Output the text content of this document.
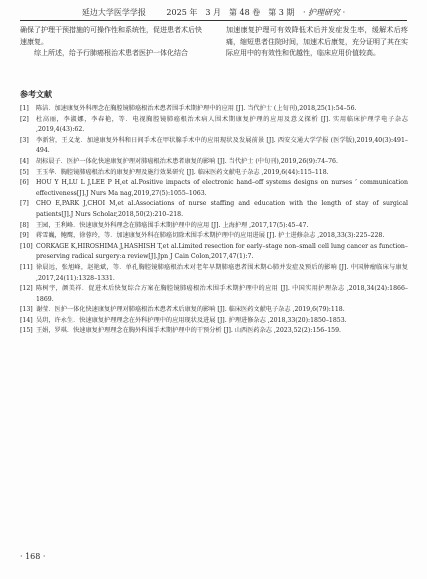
延边大学医学学报	2025 年　3 月　第 48 卷　第 3 期 · 护理研究 ·

确保了护理干预措施的可操作性和系统性，促进患者术后快速康复。

综上所述，给予行肺癌根治术患者医护一体化结合

加速康复护理可有效降低术后并发症发生率，缓解术后疼痛，缩短患者住院时间，加速术后康复，充分证明了其在实际应用中的有效性和优越性，临床应用价值较高。

参考文献
[1] 陈洁．加速康复外科理念在胸腔镜肺癌根治术患者围手术期护理中的应用 [J]. 当代护士 (上旬刊),2018,25(1):54–56.
[2] 杜高丽，李淑娜，李春艳，等．电视胸腔镜肺癌根治术病人围术期康复护理的应用及意义探析 [J]. 实用临床护理学电子杂志 ,2019,4(43):62.
[3] 李新营，王义龙．加速康复外科和日间手术在甲状腺手术中的应用现状及发展前景 [J]. 西安交通大学学报 (医学版),2019,40(3):491–494.
[4] 胡标晨子．医护一体化快速康复护理对肺癌根治术患者康复的影响 [J]. 当代护士 (中旬刊),2019,26(9):74–76.
[5] 王玉华．胸腔镜肺癌根治术的康复护理及施行效果研究 [J]. 临床医药文献电子杂志 ,2019,6(44):115–118.
[6] HOU Y H,LU L J,LEE P H,et al.Positive impacts of electronic hand–off systems designs on nurses ’ communication effectiveness[J].J Nurs Ma nag,2019,27(5):1055–1063.
[7] CHO E,PARK J,CHOI M,et al.Associations of nurse staffing and education with the length of stay of surgical patients[J].J Nurs Scholar,2018,50(2):210–218.
[8] 王园，王利峰．快速康复外科理念在肺癌围手术期护理中的应用 [J]. 上海护理 ,2017,17(5):45–47.
[9] 蒋雪巍，鲍鹰，徐蓉玲，等．加速康复外科在肺癌切除术围手术期护理中的应用进展 [J]. 护士进修杂志 ,2018,33(3):225–228.
[10] CORKAGE K,HIROSHIMA J,HASHISH T,et al.Limited resection for early–stage non–small cell lung cancer as function–preserving radical surgery:a review[J].Jpn J Cain Colon,2017,47(1):7.
[11] 徐晨远，张旭峰，赵艳斌，等．单孔胸腔镜肺癌根治术对老年早期肺癌患者围术期心肺并发症及预后的影响 [J]. 中国肿瘤临床与康复 ,2017,24(11):1328–1331.
[12] 陈树宇，颜美祥．促进术后快复综合方案在胸腔镜肺癌根治术围手术期护理中的应用 [J]. 中国实用护理杂志 ,2018,34(24):1866–1869.
[13] 谢莹．医护一体化快速康复护理对肺癌根治术患者术后康复的影响 [J]. 临床医药文献电子杂志 ,2019,6(79):118.
[14] 吴玥，许永生．快速康复护理理念在外科护理中的应用现状及进展 [J]. 护理进修杂志 ,2018,33(20):1850–1853.
[15] 王娟，罗琪．快速康复护理理念在胸外科围手术期护理中的干预分析 [J]. 山西医药杂志 ,2023,52(2):156–159.
· 168 ·
